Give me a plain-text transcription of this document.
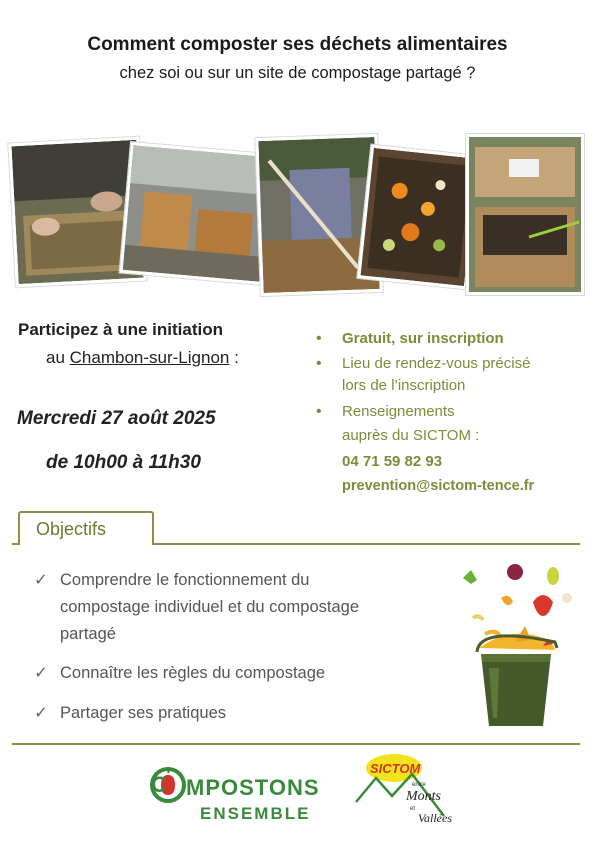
Comment composter ses déchets alimentaires
chez soi ou sur un site de compostage partagé ?
Participez à une initiation
au Chambon-sur-Lignon :
Mercredi 27 août 2025
de 10h00 à 11h30
• Gratuit, sur inscription
• Lieu de rendez-vous précisé
lors de l’inscription
• Renseignements
auprès du SICTOM :
04 71 59 82 93
prevention@sictom-tence.fr
Objectifs
✓ Comprendre le fonctionnement du
compostage individuel et du compostage
partagé
✓ Connaître les règles du compostage
✓ Partager ses pratiques
C MPOSTONS
ENSEMBLE
SICTOM
entre
Monts
et
Vallées
